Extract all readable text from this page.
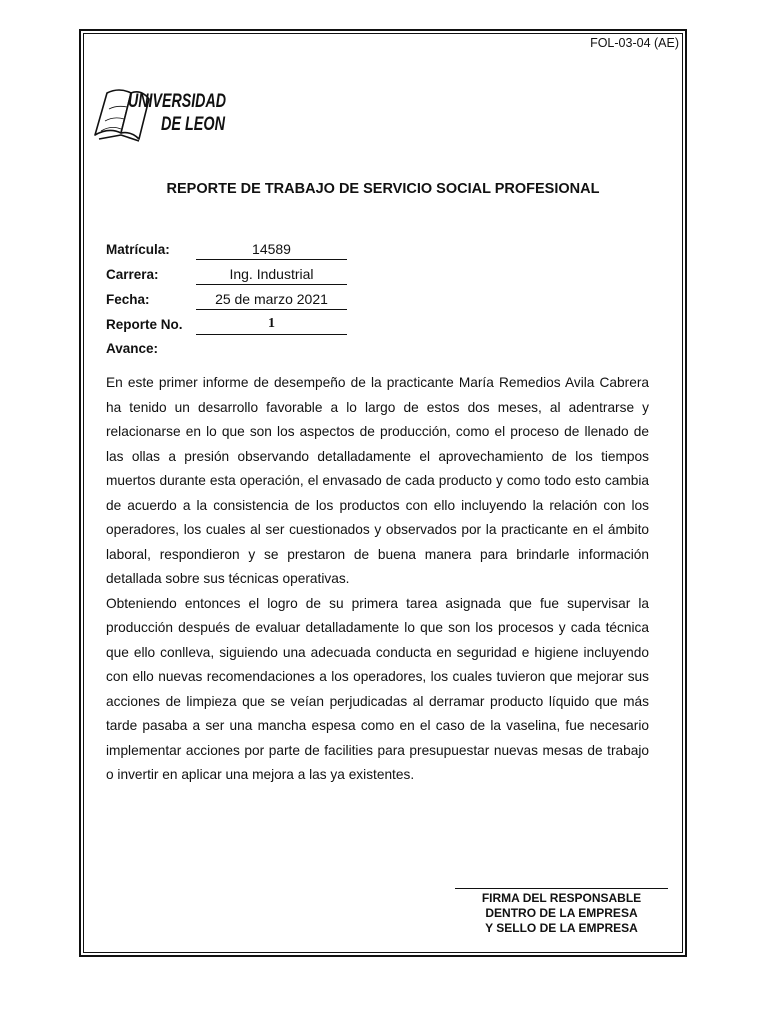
FOL-03-04 (AE)
UNIVERSIDAD
DE LEON
REPORTE DE TRABAJO DE SERVICIO SOCIAL PROFESIONAL
Matrícula:	14589
Carrera:	Ing. Industrial
Fecha:	25 de marzo 2021
Reporte No.	1
Avance:

En este primer informe de desempeño de la practicante María Remedios Avila Cabrera ha tenido un desarrollo favorable a lo largo de estos dos meses, al adentrarse y relacionarse en lo que son los aspectos de producción, como el proceso de llenado de las ollas a presión observando detalladamente el aprovechamiento de los tiempos muertos durante esta operación, el envasado de cada producto y como todo esto cambia de acuerdo a la consistencia de los productos con ello incluyendo la relación con los operadores, los cuales al ser cuestionados y observados por la practicante en el ámbito laboral, respondieron y se prestaron de buena manera para brindarle información detallada sobre sus técnicas operativas.

Obteniendo entonces el logro de su primera tarea asignada que fue supervisar la producción después de evaluar detalladamente lo que son los procesos y cada técnica que ello conlleva, siguiendo una adecuada conducta en seguridad e higiene incluyendo con ello nuevas recomendaciones a los operadores, los cuales tuvieron que mejorar sus acciones de limpieza que se veían perjudicadas al derramar producto líquido que más tarde pasaba a ser una mancha espesa como en el caso de la vaselina, fue necesario implementar acciones por parte de facilities para presupuestar nuevas mesas de trabajo o invertir en aplicar una mejora a las ya existentes.

FIRMA DEL RESPONSABLE
DENTRO DE LA EMPRESA
Y SELLO DE LA EMPRESA
